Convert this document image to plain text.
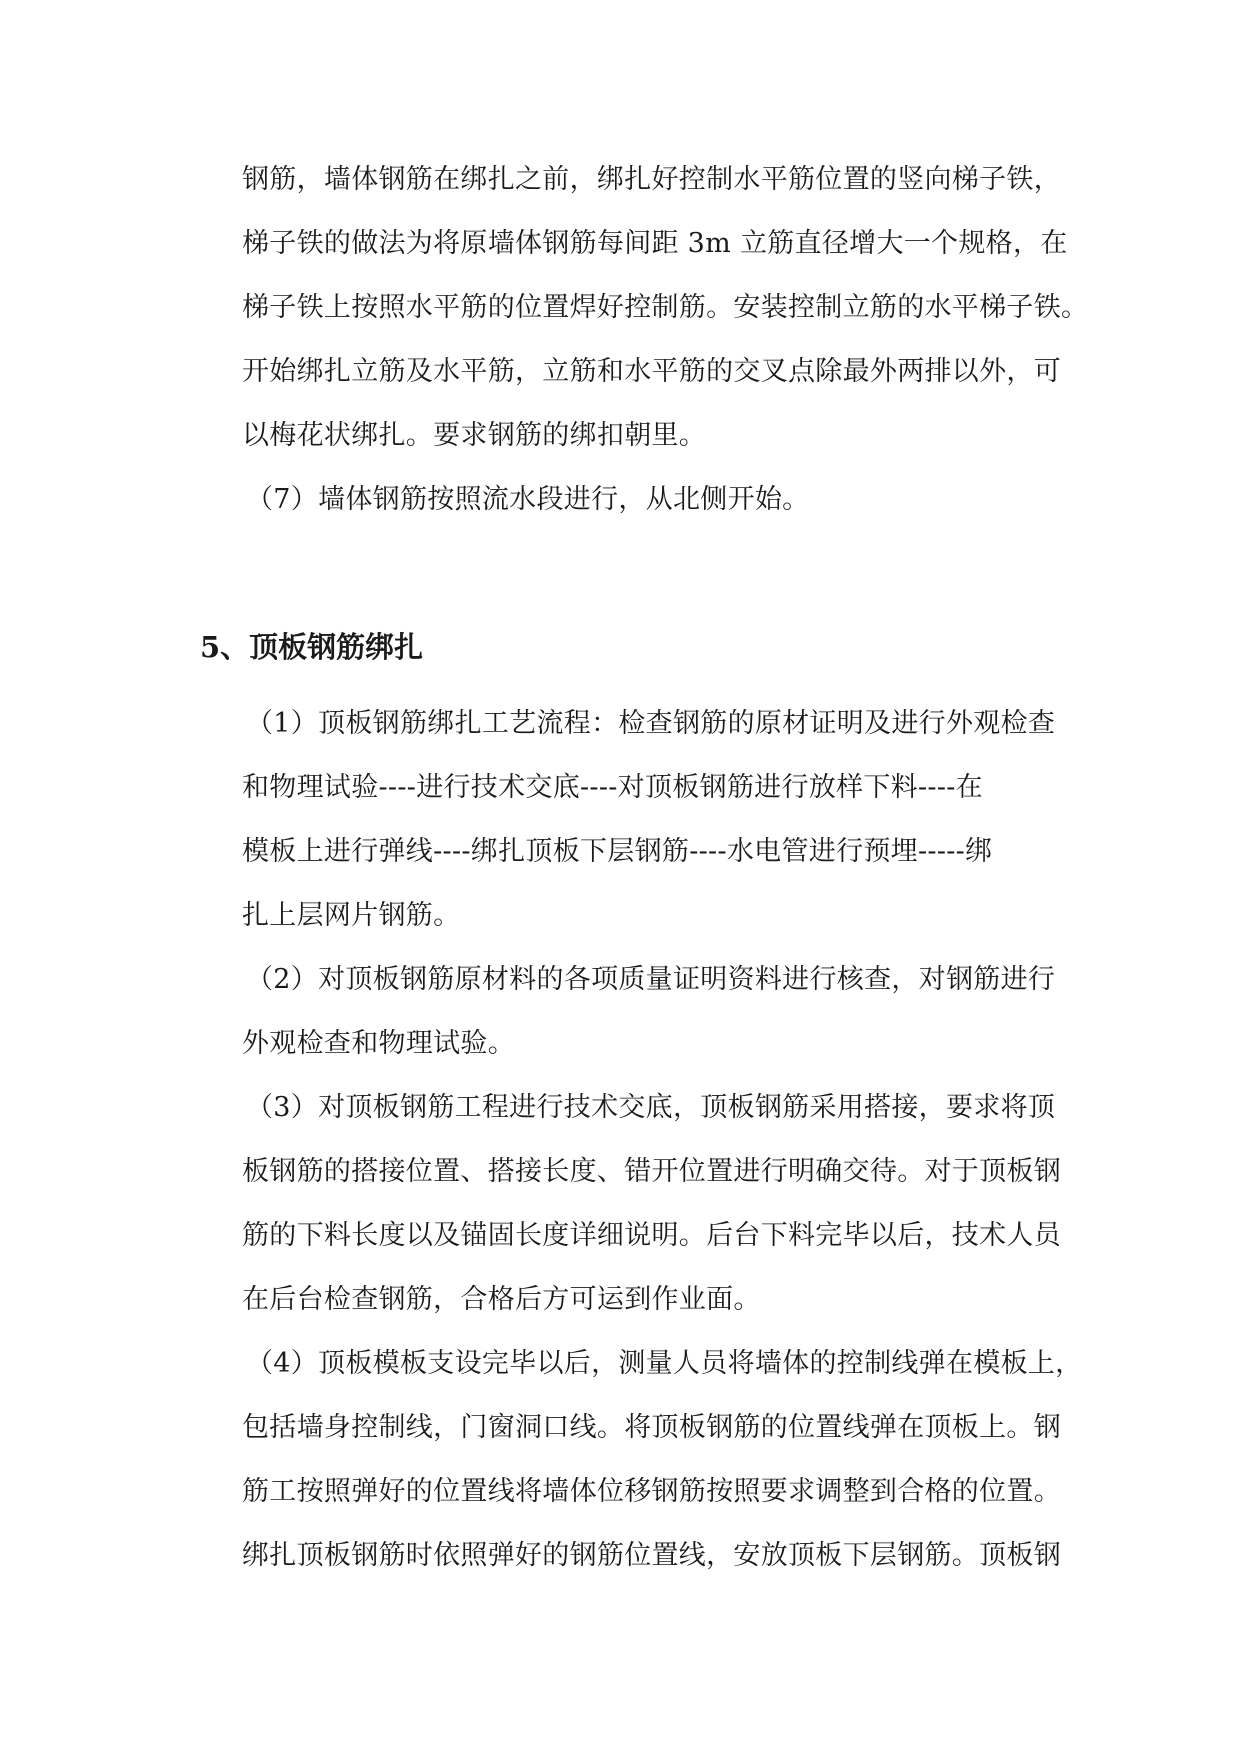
钢筋，墙体钢筋在绑扎之前，绑扎好控制水平筋位置的竖向梯子铁，
梯子铁的做法为将原墙体钢筋每间距 3m 立筋直径增大一个规格，在
梯子铁上按照水平筋的位置焊好控制筋。安装控制立筋的水平梯子铁。
开始绑扎立筋及水平筋，立筋和水平筋的交叉点除最外两排以外，可
以梅花状绑扎。要求钢筋的绑扣朝里。
（7）墙体钢筋按照流水段进行，从北侧开始。
5、顶板钢筋绑扎
（1）顶板钢筋绑扎工艺流程：检查钢筋的原材证明及进行外观检查
和物理试验----进行技术交底----对顶板钢筋进行放样下料----在
模板上进行弹线----绑扎顶板下层钢筋----水电管进行预埋-----绑
扎上层网片钢筋。
（2）对顶板钢筋原材料的各项质量证明资料进行核查，对钢筋进行
外观检查和物理试验。
（3）对顶板钢筋工程进行技术交底，顶板钢筋采用搭接，要求将顶
板钢筋的搭接位置、搭接长度、错开位置进行明确交待。对于顶板钢
筋的下料长度以及锚固长度详细说明。后台下料完毕以后，技术人员
在后台检查钢筋，合格后方可运到作业面。
（4）顶板模板支设完毕以后，测量人员将墙体的控制线弹在模板上，
包括墙身控制线，门窗洞口线。将顶板钢筋的位置线弹在顶板上。钢
筋工按照弹好的位置线将墙体位移钢筋按照要求调整到合格的位置。
绑扎顶板钢筋时依照弹好的钢筋位置线，安放顶板下层钢筋。顶板钢
